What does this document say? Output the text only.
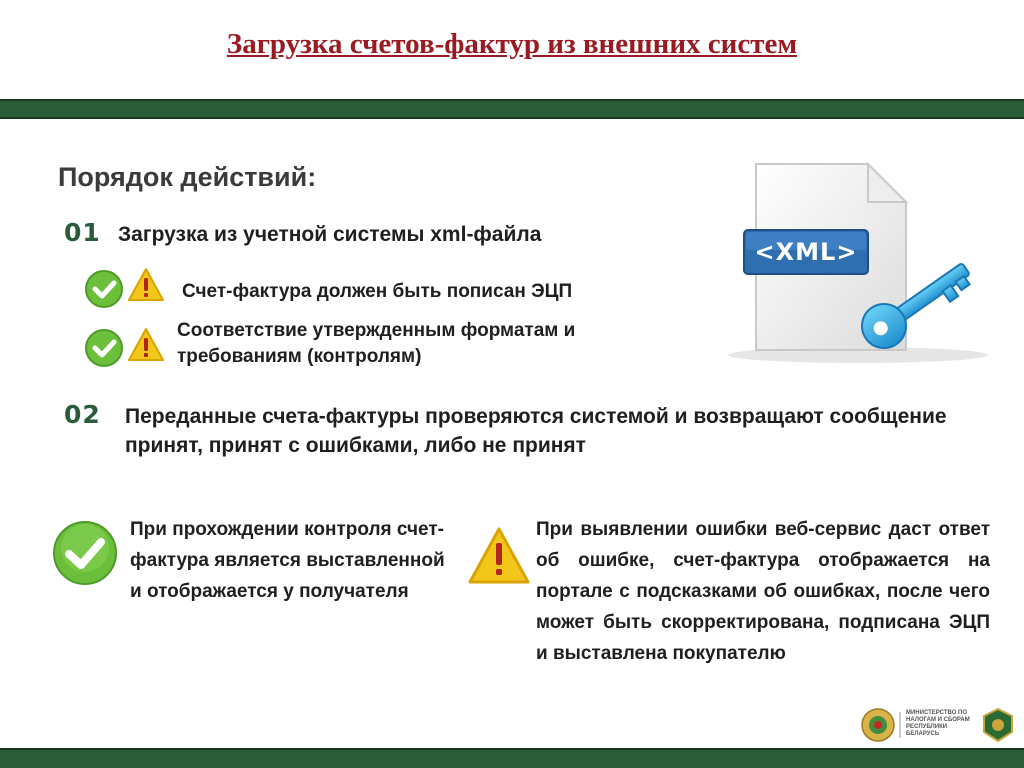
Загрузка счетов-фактур из внешних систем
Порядок действий:
01 Загрузка из учетной системы xml-файла
Счет-фактура должен быть пописан ЭЦП
Соответствие утвержденным форматам и требованиям (контролям)
<XML>
02 Переданные счета-фактуры проверяются системой и возвращают сообщение принят, принят с ошибками, либо не принят
При прохождении контроля счет-фактура является выставленной и отображается у получателя
При выявлении ошибки веб-сервис даст ответ об ошибке, счет-фактура отображается на портале с подсказками об ошибках, после чего может быть скорректирована, подписана ЭЦП и выставлена покупателю
МИНИСТЕРСТВО ПО НАЛОГАМ И СБОРАМ РЕСПУБЛИКИ БЕЛАРУСЬ
